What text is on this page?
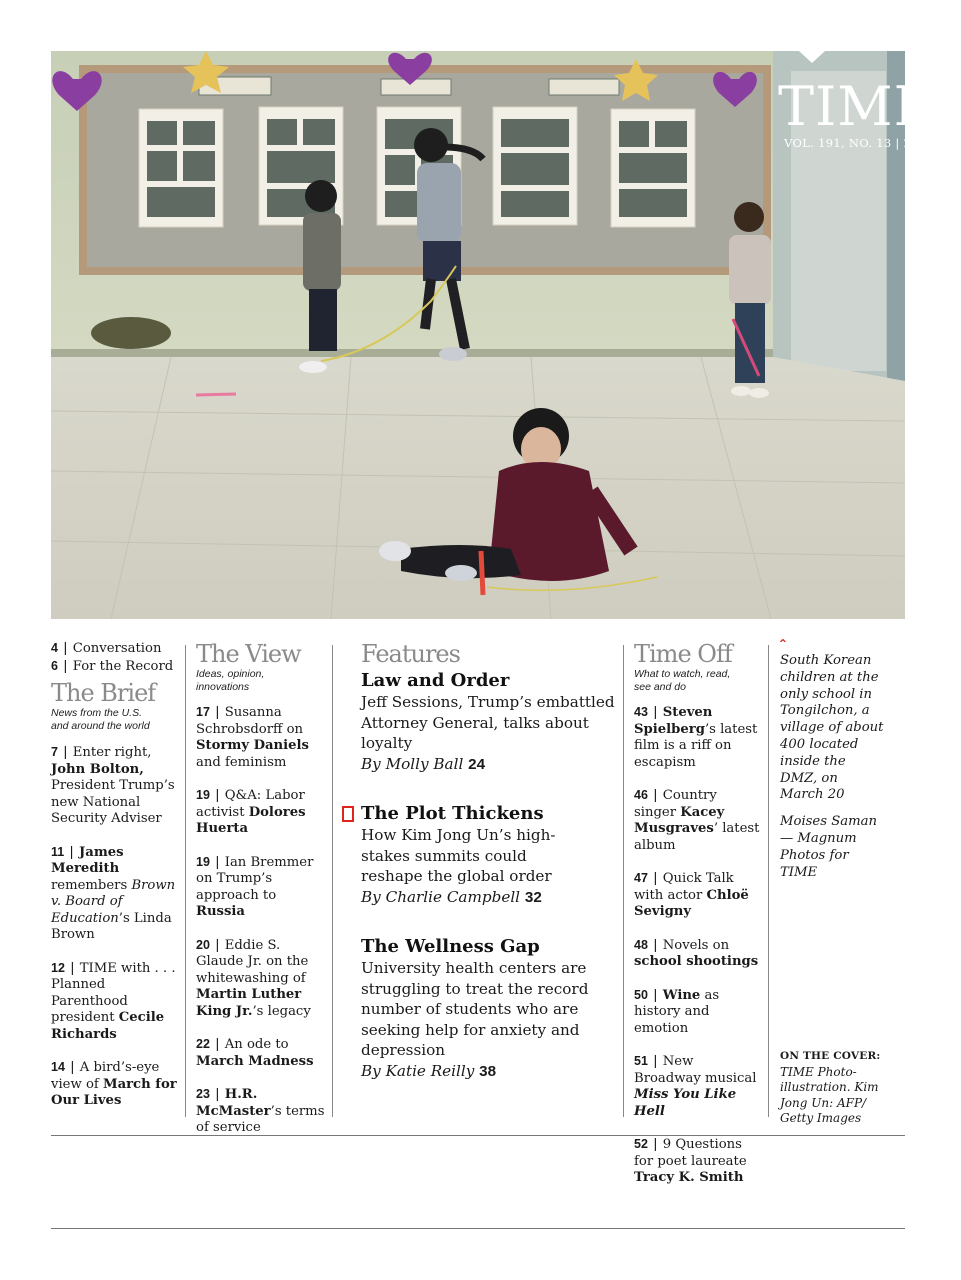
TIME
VOL. 191, NO. 13 | 2018
4 | Conversation
6 | For the Record
The Brief
News from the U.S.
and around the world
7 | Enter right, John Bolton, President Trump’s new National Security Adviser
11 | James Meredith remembers Brown v. Board of Education’s Linda Brown
12 | TIME with . . . Planned Parenthood president Cecile Richards
14 | A bird’s-eye view of March for Our Lives
The View
Ideas, opinion,
innovations
17 | Susanna Schrobsdorff on Stormy Daniels and feminism
19 | Q&A: Labor activist Dolores Huerta
19 | Ian Bremmer on Trump’s approach to Russia
20 | Eddie S. Glaude Jr. on the whitewashing of Martin Luther King Jr.’s legacy
22 | An ode to March Madness
23 | H.R. McMaster’s terms of service
Features
Law and Order
Jeff Sessions, Trump’s embattled Attorney General, talks about loyalty
By Molly Ball 24
The Plot Thickens
How Kim Jong Un’s high-stakes summits could reshape the global order
By Charlie Campbell 32
The Wellness Gap
University health centers are struggling to treat the record number of students who are seeking help for anxiety and depression
By Katie Reilly 38
Time Off
What to watch, read,
see and do
43 | Steven Spielberg’s latest film is a riff on escapism
46 | Country singer Kacey Musgraves’ latest album
47 | Quick Talk with actor Chloë Sevigny
48 | Novels on school shootings
50 | Wine as history and emotion
51 | New Broadway musical Miss You Like Hell
52 | 9 Questions for poet laureate Tracy K. Smith
ˆ
South Korean children at the only school in Tongilchon, a village of about 400 located inside the DMZ, on March 20
Moises Saman— Magnum Photos for TIME
ON THE COVER:
TIME Photo-illustration. Kim Jong Un: AFP/ Getty Images
